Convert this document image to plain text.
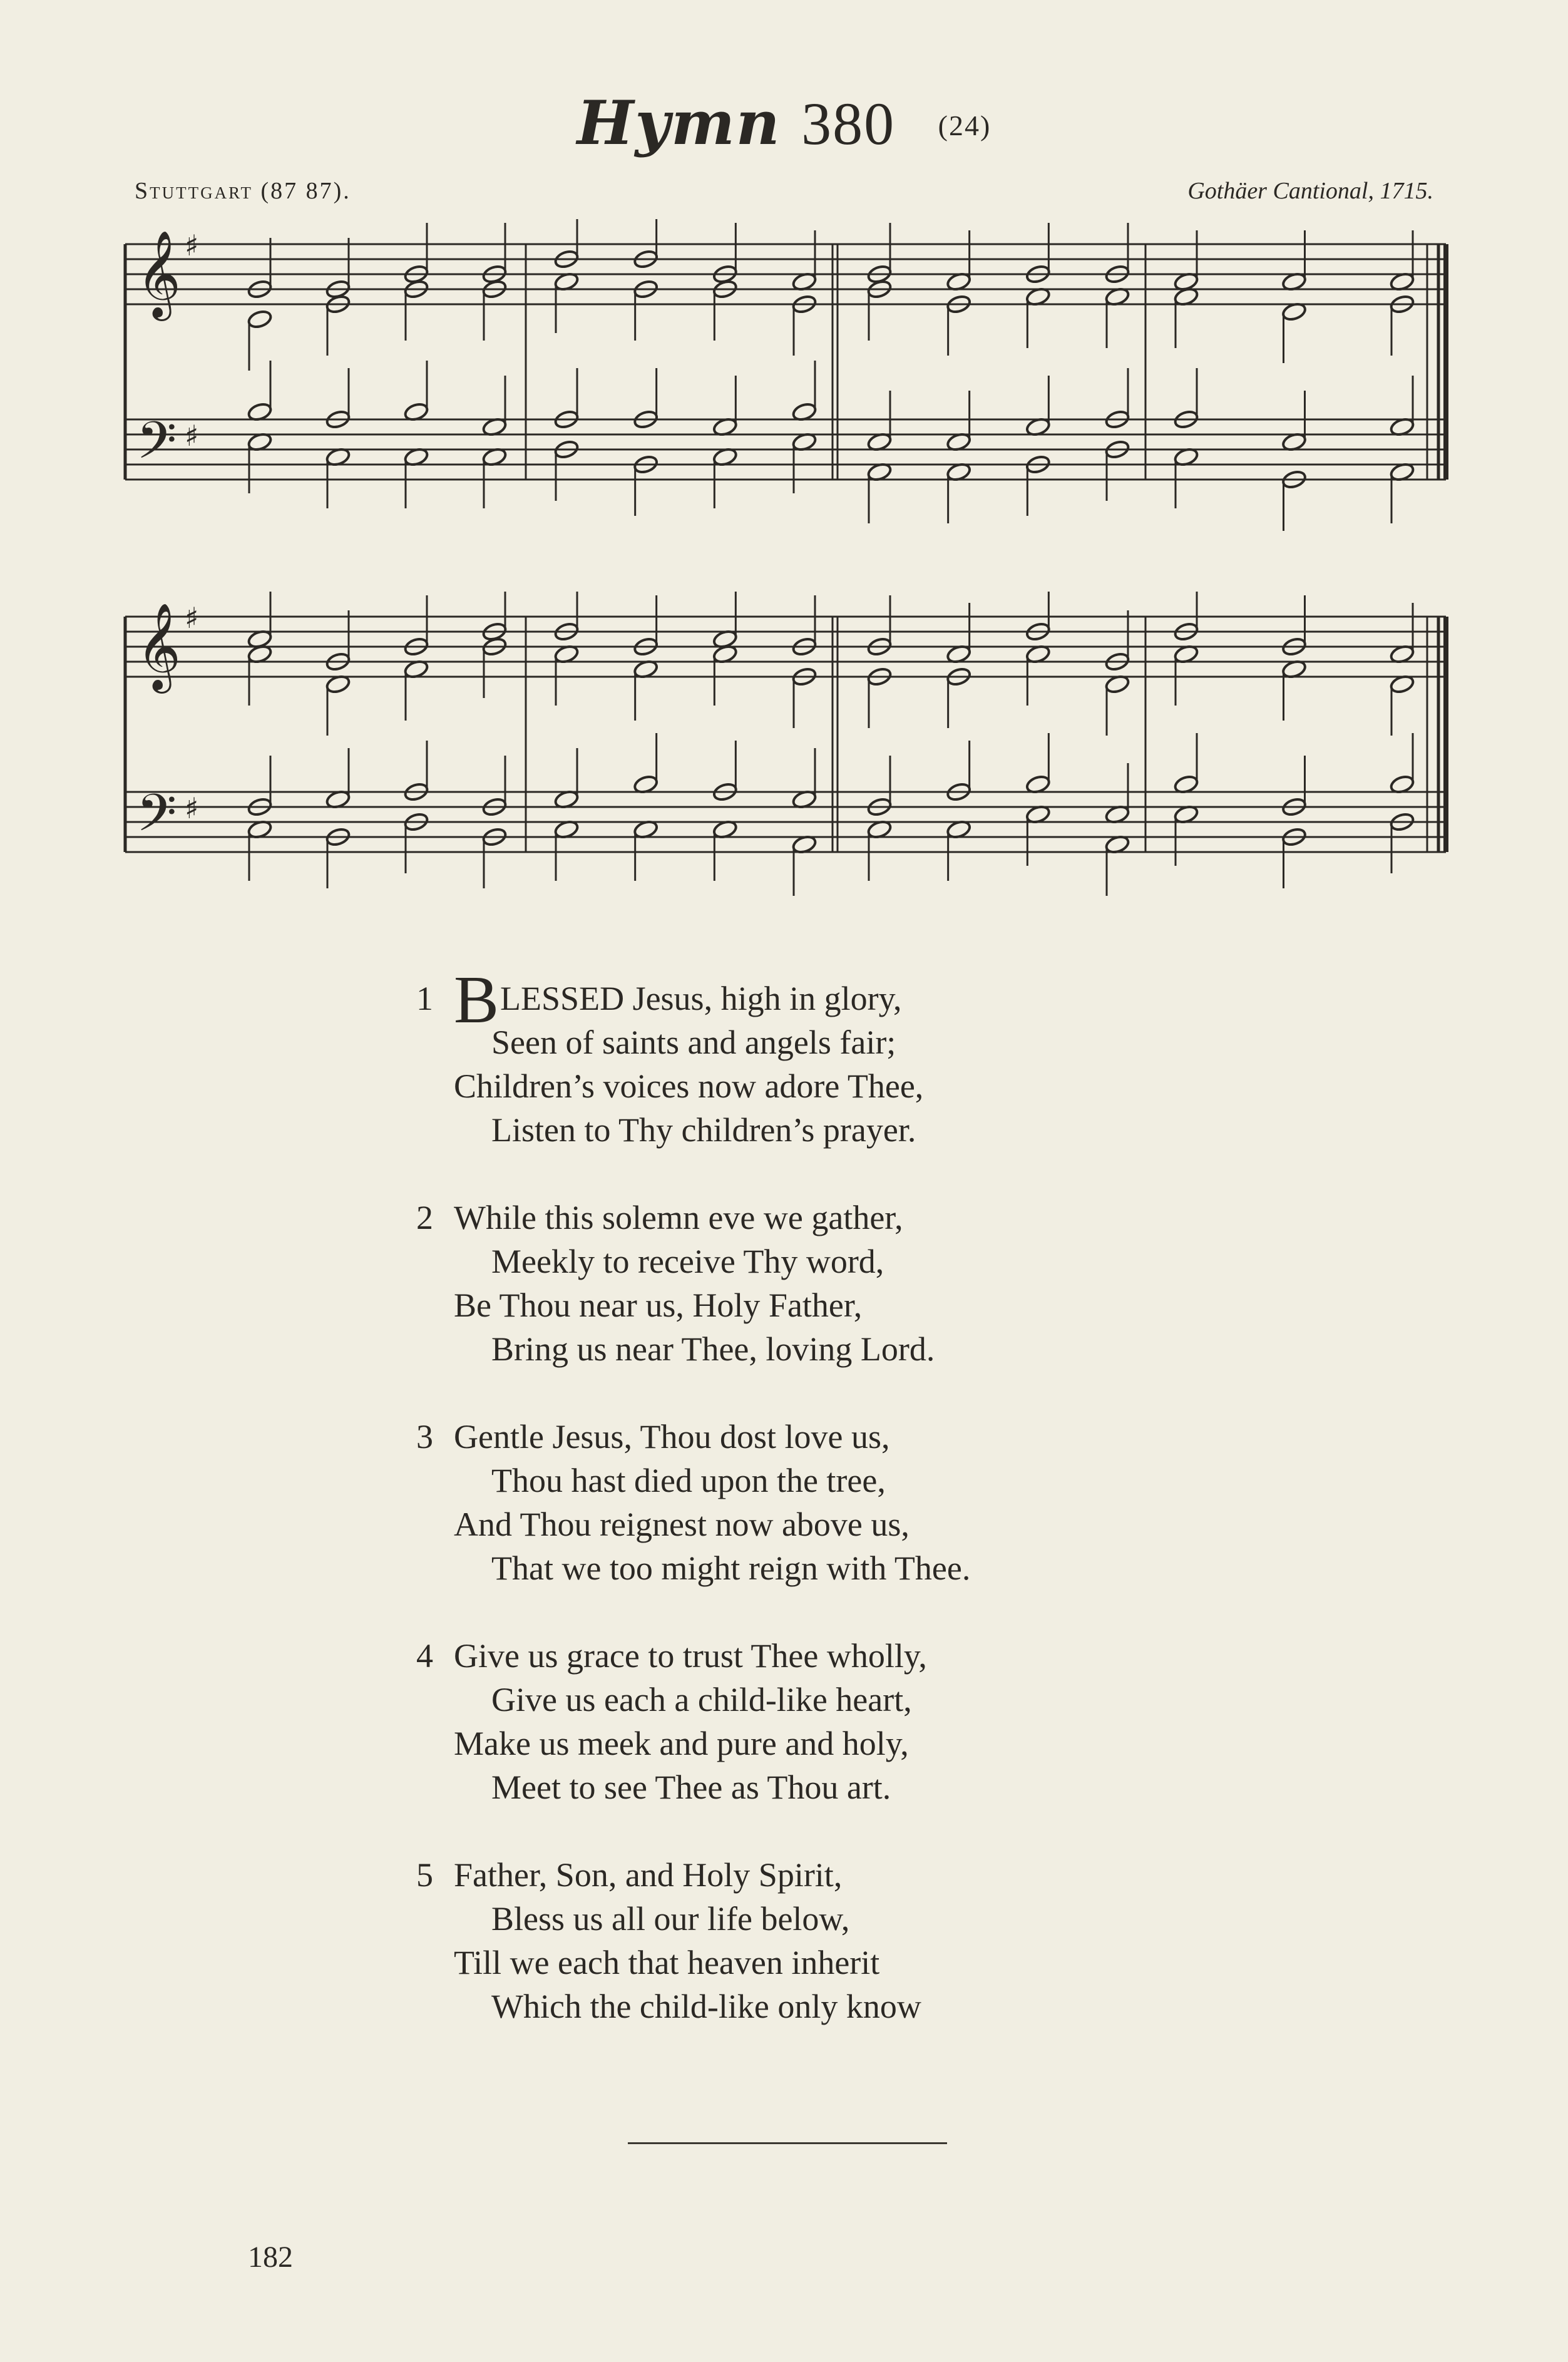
Hymn 380 (24)
Stuttgart (87 87).	Gothäer Cantional, 1715.
𝄞 ♯
𝄢 ♯
𝄞 ♯
𝄢 ♯
1 BLESSED Jesus, high in glory,
Seen of saints and angels fair;
Children’s voices now adore Thee,
Listen to Thy children’s prayer.
2 While this solemn eve we gather,
Meekly to receive Thy word,
Be Thou near us, Holy Father,
Bring us near Thee, loving Lord.
3 Gentle Jesus, Thou dost love us,
Thou hast died upon the tree,
And Thou reignest now above us,
That we too might reign with Thee.
4 Give us grace to trust Thee wholly,
Give us each a child-like heart,
Make us meek and pure and holy,
Meet to see Thee as Thou art.
5 Father, Son, and Holy Spirit,
Bless us all our life below,
Till we each that heaven inherit
Which the child-like only know
182
